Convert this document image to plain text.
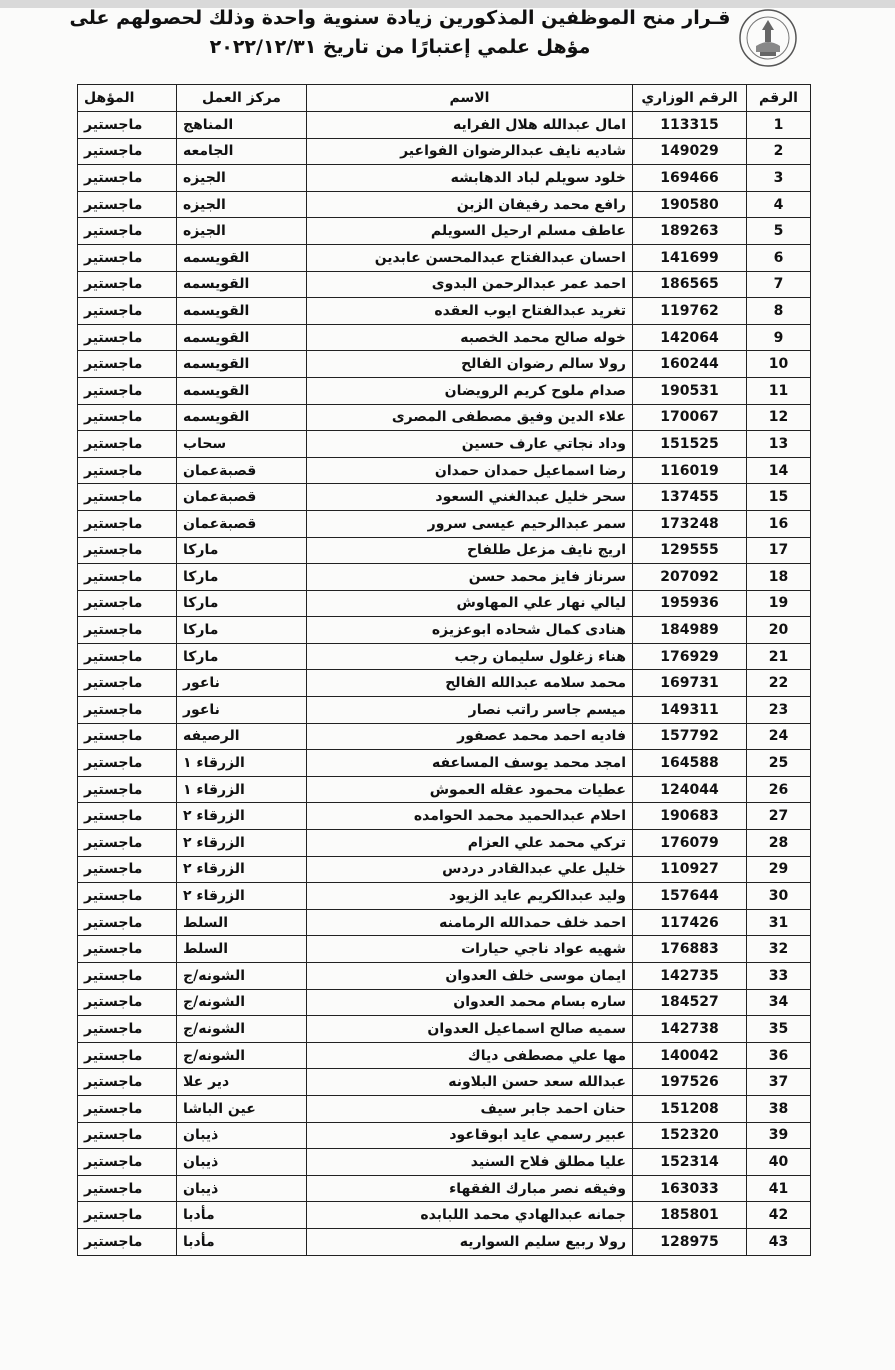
قـرار منح الموظفين المذكورين زيادة سنوية واحدة وذلك لحصولهم على
مؤهل علمي إعتبارًا من تاريخ ٢٠٢٢/١٢/٣١
الرقم	الرقم الوزاري	الاسم	مركز العمل	المؤهل
1	113315	امال عبدالله هلال الفرايه	المناهج	ماجستير
2	149029	شاديه نايف عبدالرضوان الفواعير	الجامعه	ماجستير
3	169466	خلود سويلم لباد الدهابشه	الجيزه	ماجستير
4	190580	رافع محمد رفيفان الزبن	الجيزه	ماجستير
5	189263	عاطف مسلم ارحيل السويلم	الجيزه	ماجستير
6	141699	احسان عبدالفتاح عبدالمحسن عابدين	القويسمه	ماجستير
7	186565	احمد عمر عبدالرحمن البدوى	القويسمه	ماجستير
8	119762	تغريد عبدالفتاح ايوب العقده	القويسمه	ماجستير
9	142064	خوله صالح محمد الخصبه	القويسمه	ماجستير
10	160244	رولا سالم رضوان الفالح	القويسمه	ماجستير
11	190531	صدام ملوح كريم الرويضان	القويسمه	ماجستير
12	170067	علاء الدين وفيق مصطفى المصرى	القويسمه	ماجستير
13	151525	وداد نجاتي عارف حسين	سحاب	ماجستير
14	116019	رضا اسماعيل حمدان حمدان	قصبةعمان	ماجستير
15	137455	سحر خليل عبدالغني السعود	قصبةعمان	ماجستير
16	173248	سمر عبدالرحيم عيسى سرور	قصبةعمان	ماجستير
17	129555	اريج نايف مزعل طلفاح	ماركا	ماجستير
18	207092	سرناز فايز محمد حسن	ماركا	ماجستير
19	195936	ليالي نهار علي المهاوش	ماركا	ماجستير
20	184989	هنادى كمال شحاده ابوعزيزه	ماركا	ماجستير
21	176929	هناء زغلول سليمان رجب	ماركا	ماجستير
22	169731	محمد سلامه عبدالله الفالح	ناعور	ماجستير
23	149311	ميسم جاسر راتب نصار	ناعور	ماجستير
24	157792	فاديه احمد محمد عصفور	الرصيفه	ماجستير
25	164588	امجد محمد يوسف المساعفه	الزرقاء ١	ماجستير
26	124044	عطيات محمود عقله العموش	الزرقاء ١	ماجستير
27	190683	احلام عبدالحميد محمد الحوامده	الزرقاء ٢	ماجستير
28	176079	تركي محمد علي العزام	الزرقاء ٢	ماجستير
29	110927	خليل علي عبدالقادر دردس	الزرقاء ٢	ماجستير
30	157644	وليد عبدالكريم عايد الزيود	الزرقاء ٢	ماجستير
31	117426	احمد خلف حمدالله الرمامنه	السلط	ماجستير
32	176883	شهيه عواد ناجي حيارات	السلط	ماجستير
33	142735	ايمان موسى خلف العدوان	الشونه/ج	ماجستير
34	184527	ساره بسام محمد العدوان	الشونه/ج	ماجستير
35	142738	سميه صالح اسماعيل العدوان	الشونه/ج	ماجستير
36	140042	مها علي مصطفى دياك	الشونه/ج	ماجستير
37	197526	عبدالله سعد حسن البلاونه	دير علا	ماجستير
38	151208	حنان احمد جابر سيف	عين الباشا	ماجستير
39	152320	عبير رسمي عايد ابوقاعود	ذيبان	ماجستير
40	152314	عليا مطلق فلاح السنيد	ذيبان	ماجستير
41	163033	وفيقه نصر مبارك الفقهاء	ذيبان	ماجستير
42	185801	جمانه عبدالهادي محمد اللبابده	مأدبا	ماجستير
43	128975	رولا ربيع سليم السواريه	مأدبا	ماجستير
